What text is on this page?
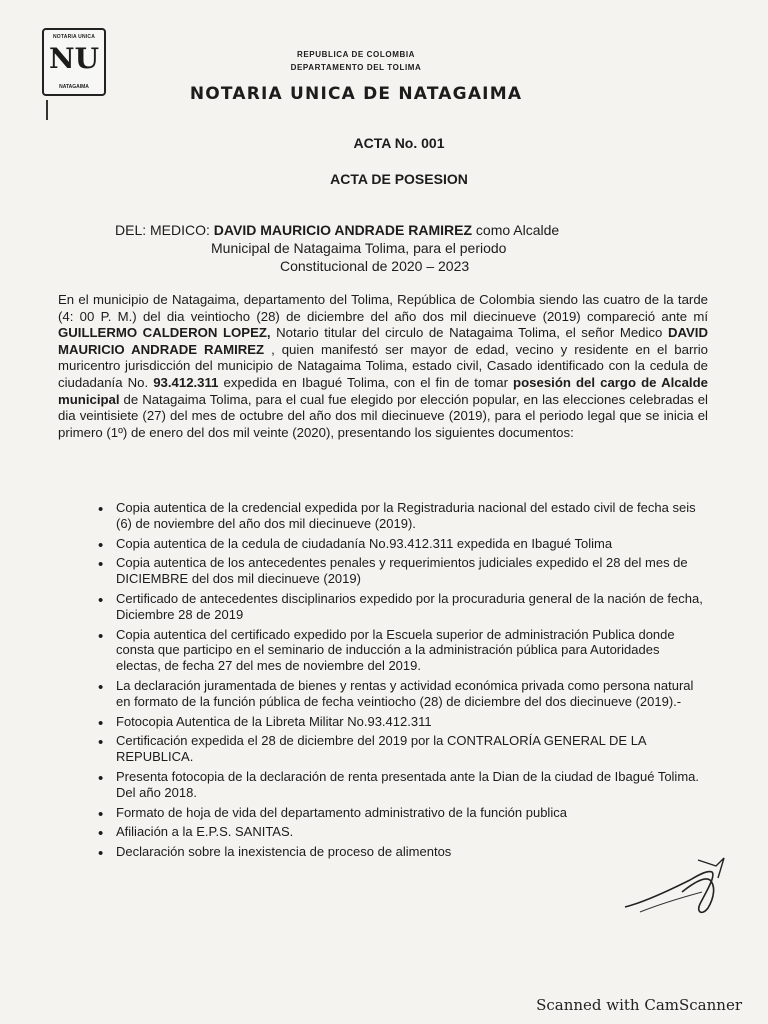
NOTARIA UNICA
NU
NATAGAIMA
REPUBLICA DE COLOMBIA
DEPARTAMENTO DEL TOLIMA
NOTARIA UNICA DE NATAGAIMA
ACTA No. 001
ACTA DE POSESION
DEL: MEDICO: DAVID MAURICIO ANDRADE RAMIREZ como Alcalde
Municipal de Natagaima Tolima, para el periodo
Constitucional de 2020 – 2023
En el municipio de Natagaima, departamento del Tolima, República de Colombia siendo las cuatro de la tarde (4: 00 P. M.) del dia veintiocho (28) de diciembre del año dos mil diecinueve (2019) compareció ante mí GUILLERMO CALDERON LOPEZ, Notario titular del circulo de Natagaima Tolima, el señor Medico DAVID MAURICIO ANDRADE RAMIREZ , quien manifestó ser mayor de edad, vecino y residente en el barrio muricentro jurisdicción del municipio de Natagaima Tolima, estado civil, Casado identificado con la cedula de ciudadanía No. 93.412.311 expedida en Ibagué Tolima, con el fin de tomar posesión del cargo de Alcalde municipal de Natagaima Tolima, para el cual fue elegido por elección popular, en las elecciones celebradas el dia veintisiete (27) del mes de octubre del año dos mil diecinueve (2019), para el periodo legal que se inicia el primero (1º) de enero del dos mil veinte (2020), presentando los siguientes documentos:
• Copia autentica de la credencial expedida por la Registraduria nacional del estado civil de fecha seis (6) de noviembre del año dos mil diecinueve (2019).
• Copia autentica de la cedula de ciudadanía No.93.412.311 expedida en Ibagué Tolima
• Copia autentica de los antecedentes penales y requerimientos judiciales expedido el 28 del mes de DICIEMBRE del dos mil diecinueve (2019)
• Certificado de antecedentes disciplinarios expedido por la procuraduria general de la nación de fecha, Diciembre 28 de 2019
• Copia autentica del certificado expedido por la Escuela superior de administración Publica donde consta que participo en el seminario de inducción a la administración pública para Autoridades electas, de fecha 27 del mes de noviembre del 2019.
• La declaración juramentada de bienes y rentas y actividad económica privada como persona natural en formato de la función pública de fecha veintiocho (28) de diciembre del dos diecinueve (2019).-
• Fotocopia Autentica de la Libreta Militar No.93.412.311
• Certificación expedida el 28 de diciembre del 2019 por la CONTRALORÍA GENERAL DE LA REPUBLICA.
• Presenta fotocopia de la declaración de renta presentada ante la Dian de la ciudad de Ibagué Tolima. Del año 2018.
• Formato de hoja de vida del departamento administrativo de la función publica
• Afiliación a la E.P.S. SANITAS.
• Declaración sobre la inexistencia de proceso de alimentos
Scanned with CamScanner
